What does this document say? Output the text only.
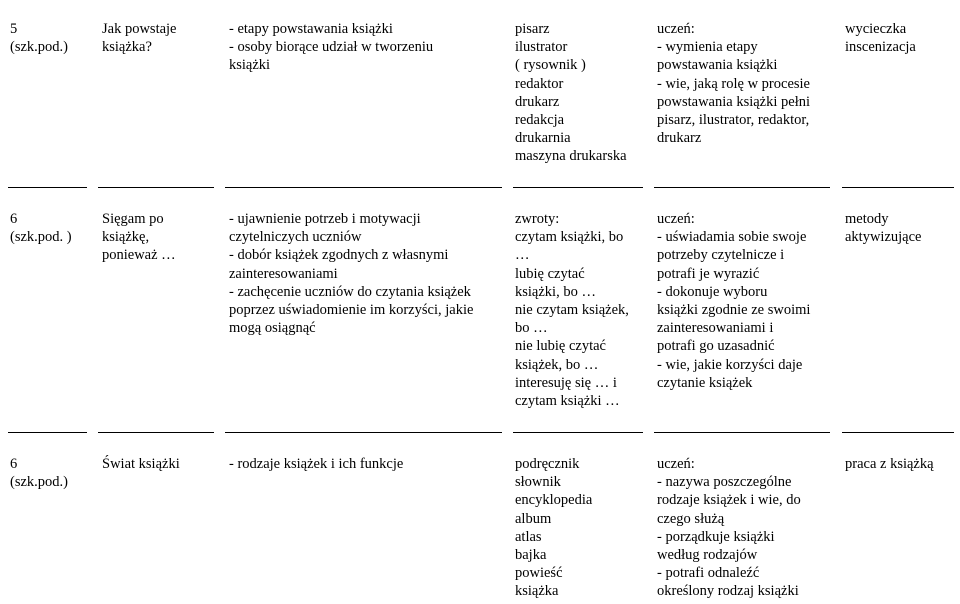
5
(szk.pod.)
Jak powstaje
książka?
- etapy powstawania książki
- osoby biorące udział w tworzeniu
książki
pisarz
ilustrator
( rysownik )
redaktor
drukarz
redakcja
drukarnia
maszyna drukarska
uczeń:
- wymienia etapy
powstawania książki
- wie, jaką rolę w procesie
powstawania książki pełni
pisarz, ilustrator, redaktor,
drukarz
wycieczka
inscenizacja
6
(szk.pod. )
Sięgam po
książkę,
ponieważ …
- ujawnienie potrzeb i motywacji
czytelniczych uczniów
- dobór książek zgodnych z własnymi
zainteresowaniami
- zachęcenie uczniów do czytania książek
poprzez uświadomienie im korzyści, jakie
mogą osiągnąć
zwroty:
czytam książki, bo
…
lubię czytać
książki, bo …
nie czytam książek,
bo …
nie lubię czytać
książek, bo …
interesuję się … i
czytam książki …
uczeń:
- uświadamia sobie swoje
potrzeby czytelnicze i
potrafi je wyrazić
- dokonuje wyboru
książki zgodnie ze swoimi
zainteresowaniami i
potrafi go uzasadnić
- wie, jakie korzyści daje
czytanie książek
metody
aktywizujące
6
(szk.pod.)
Świat książki	- rodzaje książek i ich funkcje	podręcznik
słownik
encyklopedia
album
atlas
bajka
powieść
książka
uczeń:
- nazywa poszczególne
rodzaje książek i wie, do
czego służą
- porządkuje książki
według rodzajów
- potrafi odnaleźć
określony rodzaj książki
praca z książką
